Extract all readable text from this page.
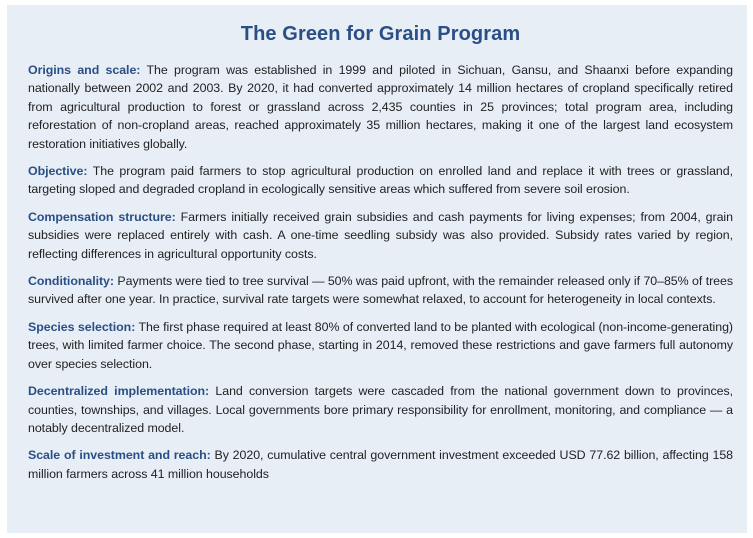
The Green for Grain Program

Origins and scale: The program was established in 1999 and piloted in Sichuan, Gansu, and Shaanxi before expanding nationally between 2002 and 2003. By 2020, it had converted approximately 14 million hectares of cropland specifically retired from agricultural production to forest or grassland across 2,435 counties in 25 provinces; total program area, including reforestation of non-cropland areas, reached approximately 35 million hectares, making it one of the largest land ecosystem restoration initiatives globally.

Objective: The program paid farmers to stop agricultural production on enrolled land and replace it with trees or grassland, targeting sloped and degraded cropland in ecologically sensitive areas which suffered from severe soil erosion.

Compensation structure: Farmers initially received grain subsidies and cash payments for living expenses; from 2004, grain subsidies were replaced entirely with cash. A one-time seedling subsidy was also provided. Subsidy rates varied by region, reflecting differences in agricultural opportunity costs.

Conditionality: Payments were tied to tree survival — 50% was paid upfront, with the remainder released only if 70–85% of trees survived after one year. In practice, survival rate targets were somewhat relaxed, to account for heterogeneity in local contexts.

Species selection: The first phase required at least 80% of converted land to be planted with ecological (non-income-generating) trees, with limited farmer choice. The second phase, starting in 2014, removed these restrictions and gave farmers full autonomy over species selection.

Decentralized implementation: Land conversion targets were cascaded from the national government down to provinces, counties, townships, and villages. Local governments bore primary responsibility for enrollment, monitoring, and compliance — a notably decentralized model.

Scale of investment and reach: By 2020, cumulative central government investment exceeded USD 77.62 billion, affecting 158 million farmers across 41 million households
